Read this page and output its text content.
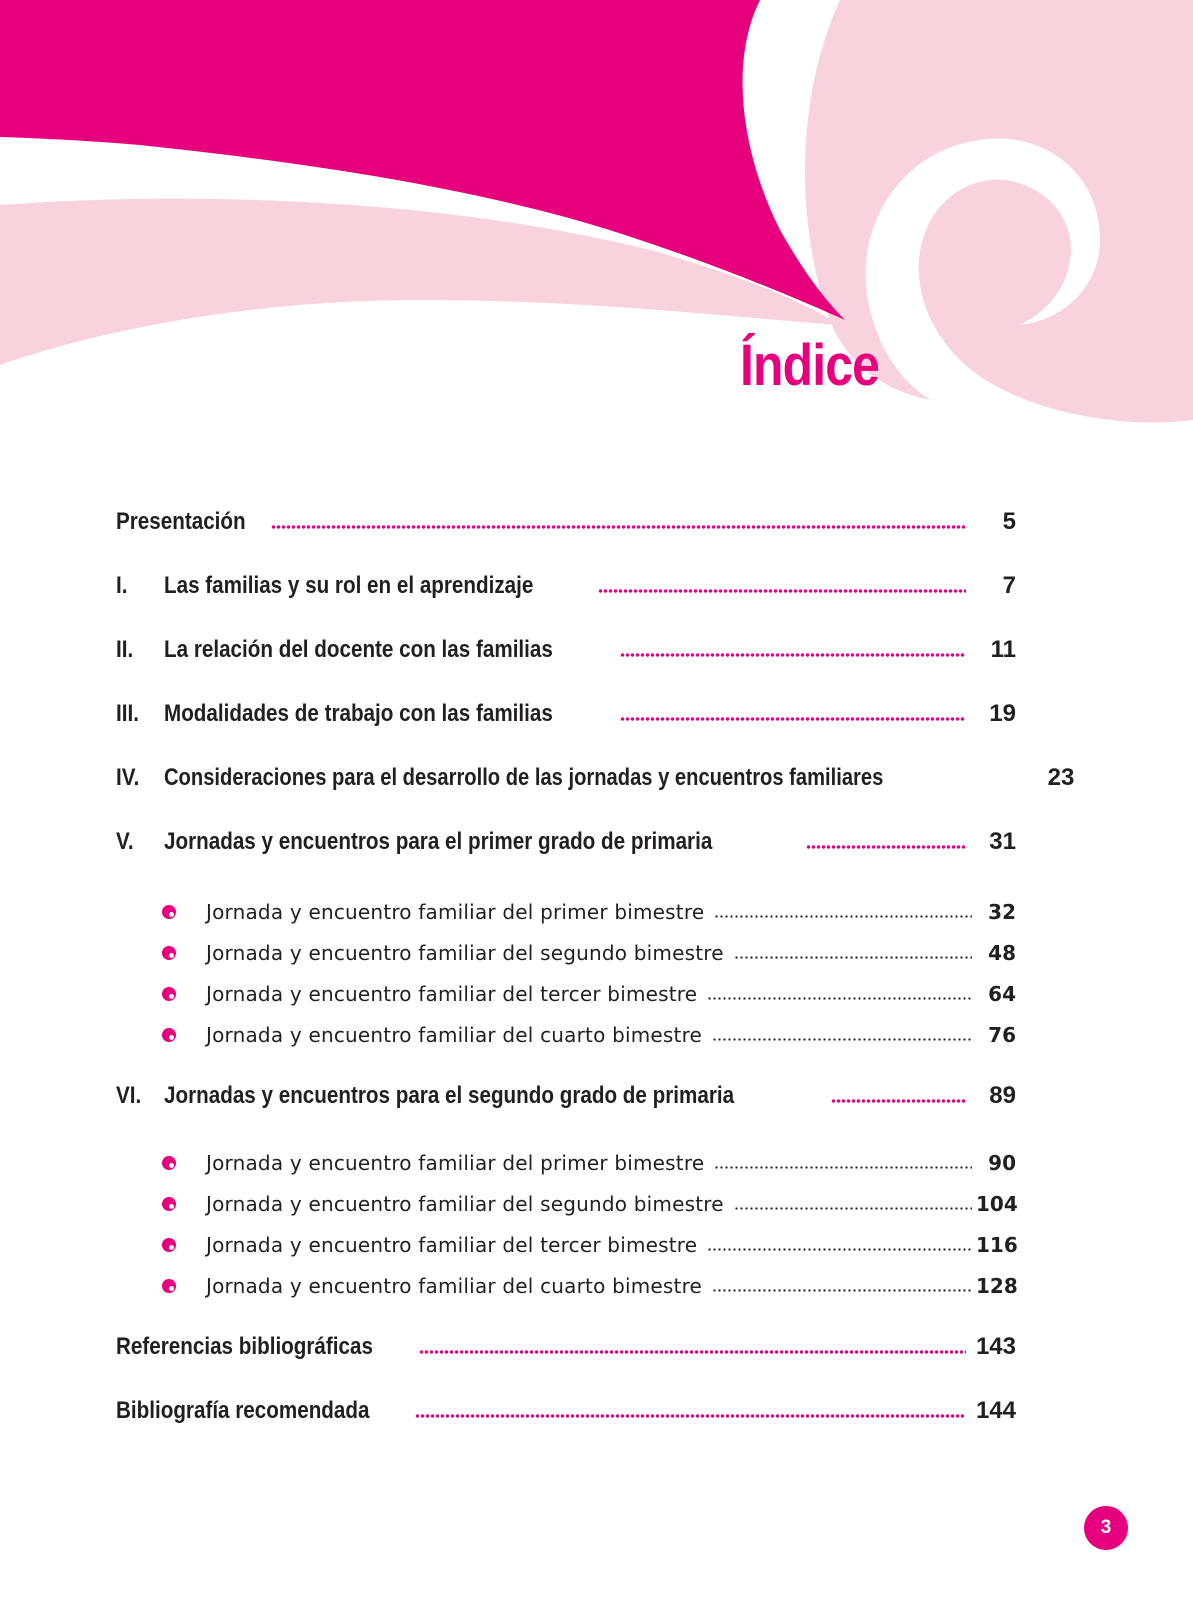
Índice
Presentación	5
I.	Las familias y su rol en el aprendizaje	7
II.	La relación del docente con las familias	11
III.	Modalidades de trabajo con las familias	19
IV.	Consideraciones para el desarrollo de las jornadas y encuentros familiares	23
V.	Jornadas y encuentros para el primer grado de primaria	31
Jornada y encuentro familiar del primer bimestre	32
Jornada y encuentro familiar del segundo bimestre	48
Jornada y encuentro familiar del tercer bimestre	64
Jornada y encuentro familiar del cuarto bimestre	76
VI. Jornadas y encuentros para el segundo grado de primaria	89
Jornada y encuentro familiar del primer bimestre	90
Jornada y encuentro familiar del segundo bimestre	104
Jornada y encuentro familiar del tercer bimestre	116
Jornada y encuentro familiar del cuarto bimestre	128
Referencias bibliográficas	143
Bibliografía recomendada	144
3
